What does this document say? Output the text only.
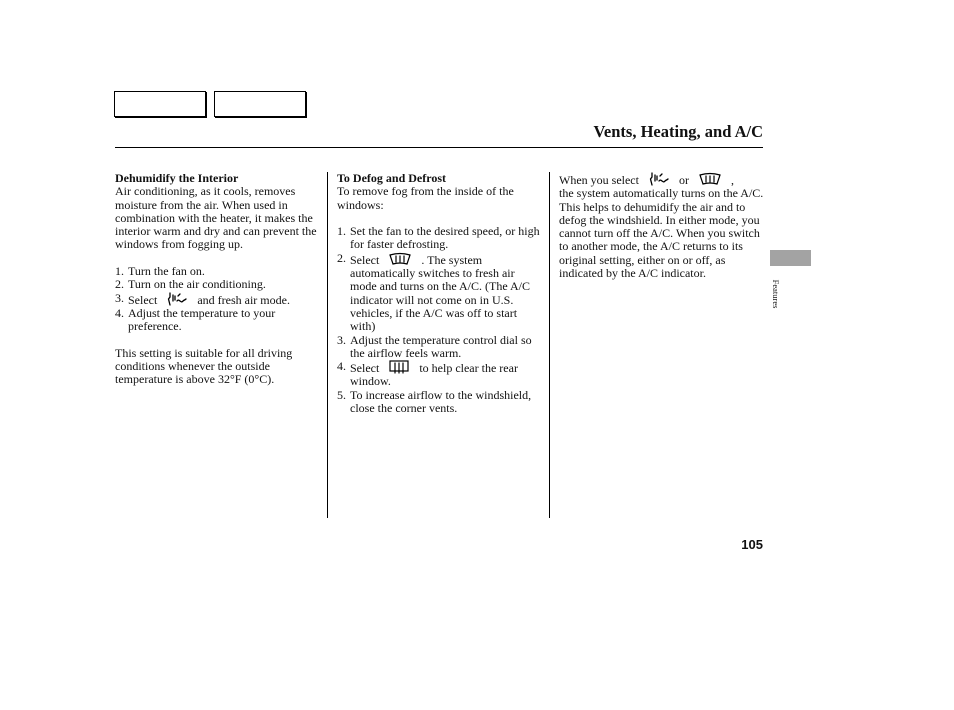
Vents, Heating, and A/C

Dehumidify the Interior

Air conditioning, as it cools, removes moisture from the air. When used in combination with the heater, it makes the interior warm and dry and can prevent the windows from fogging up.

1. Turn the fan on.
2. Turn on the air conditioning.
3. Select	and fresh air mode.
4. Adjust the temperature to your preference.

This setting is suitable for all driving conditions whenever the outside temperature is above 32°F (0°C).

To Defog and Defrost

To remove fog from the inside of the windows:

1. Set the fan to the desired speed, or high for faster defrosting.
2. Select	. The system automatically switches to fresh air mode and turns on the A/C. (The A/C indicator will not come on in U.S. vehicles, if the A/C was off to start with)
3. Adjust the temperature control dial so the airflow feels warm.
4. Select	to help clear the rear window.
5. To increase airflow to the windshield, close the corner vents.

When you select	or	,

the system automatically turns on the A/C. This helps to dehumidify the air and to defog the windshield. In either mode, you cannot turn off the A/C. When you switch to another mode, the A/C returns to its original setting, either on or off, as indicated by the A/C indicator.

Features
105
